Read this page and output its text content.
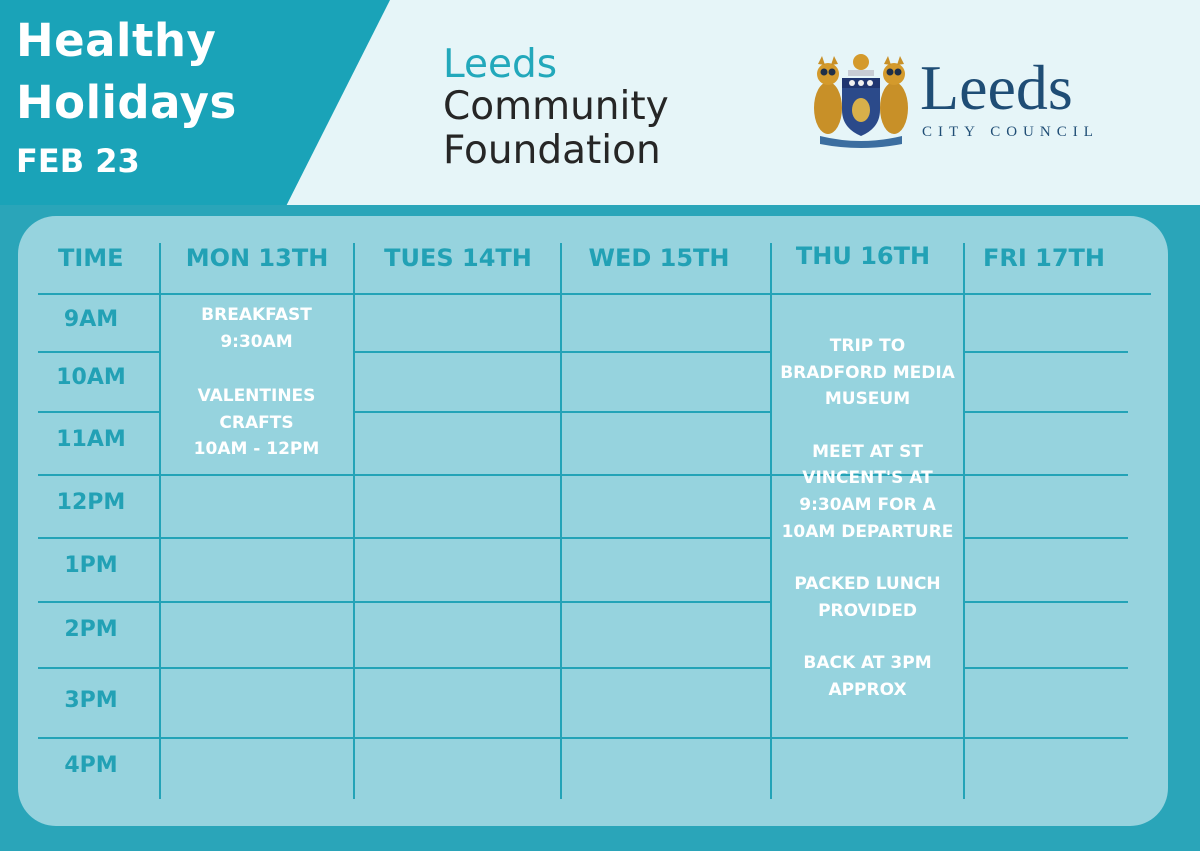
Healthy
Holidays
FEB 23
Leeds
Community
Foundation
Leeds
CITY COUNCIL
TIME	MON 13TH TUES 14TH WED 15TH	THU 16TH FRI 17TH
9AM
10AM
11AM
12PM
1PM
2PM
3PM
4PM
BREAKFAST
9:30AM
VALENTINES
CRAFTS
10AM - 12PM
TRIP TO
BRADFORD MEDIA
MUSEUM
MEET AT ST
VINCENT'S AT
9:30AM FOR A
10AM DEPARTURE
PACKED LUNCH
PROVIDED
BACK AT 3PM
APPROX
